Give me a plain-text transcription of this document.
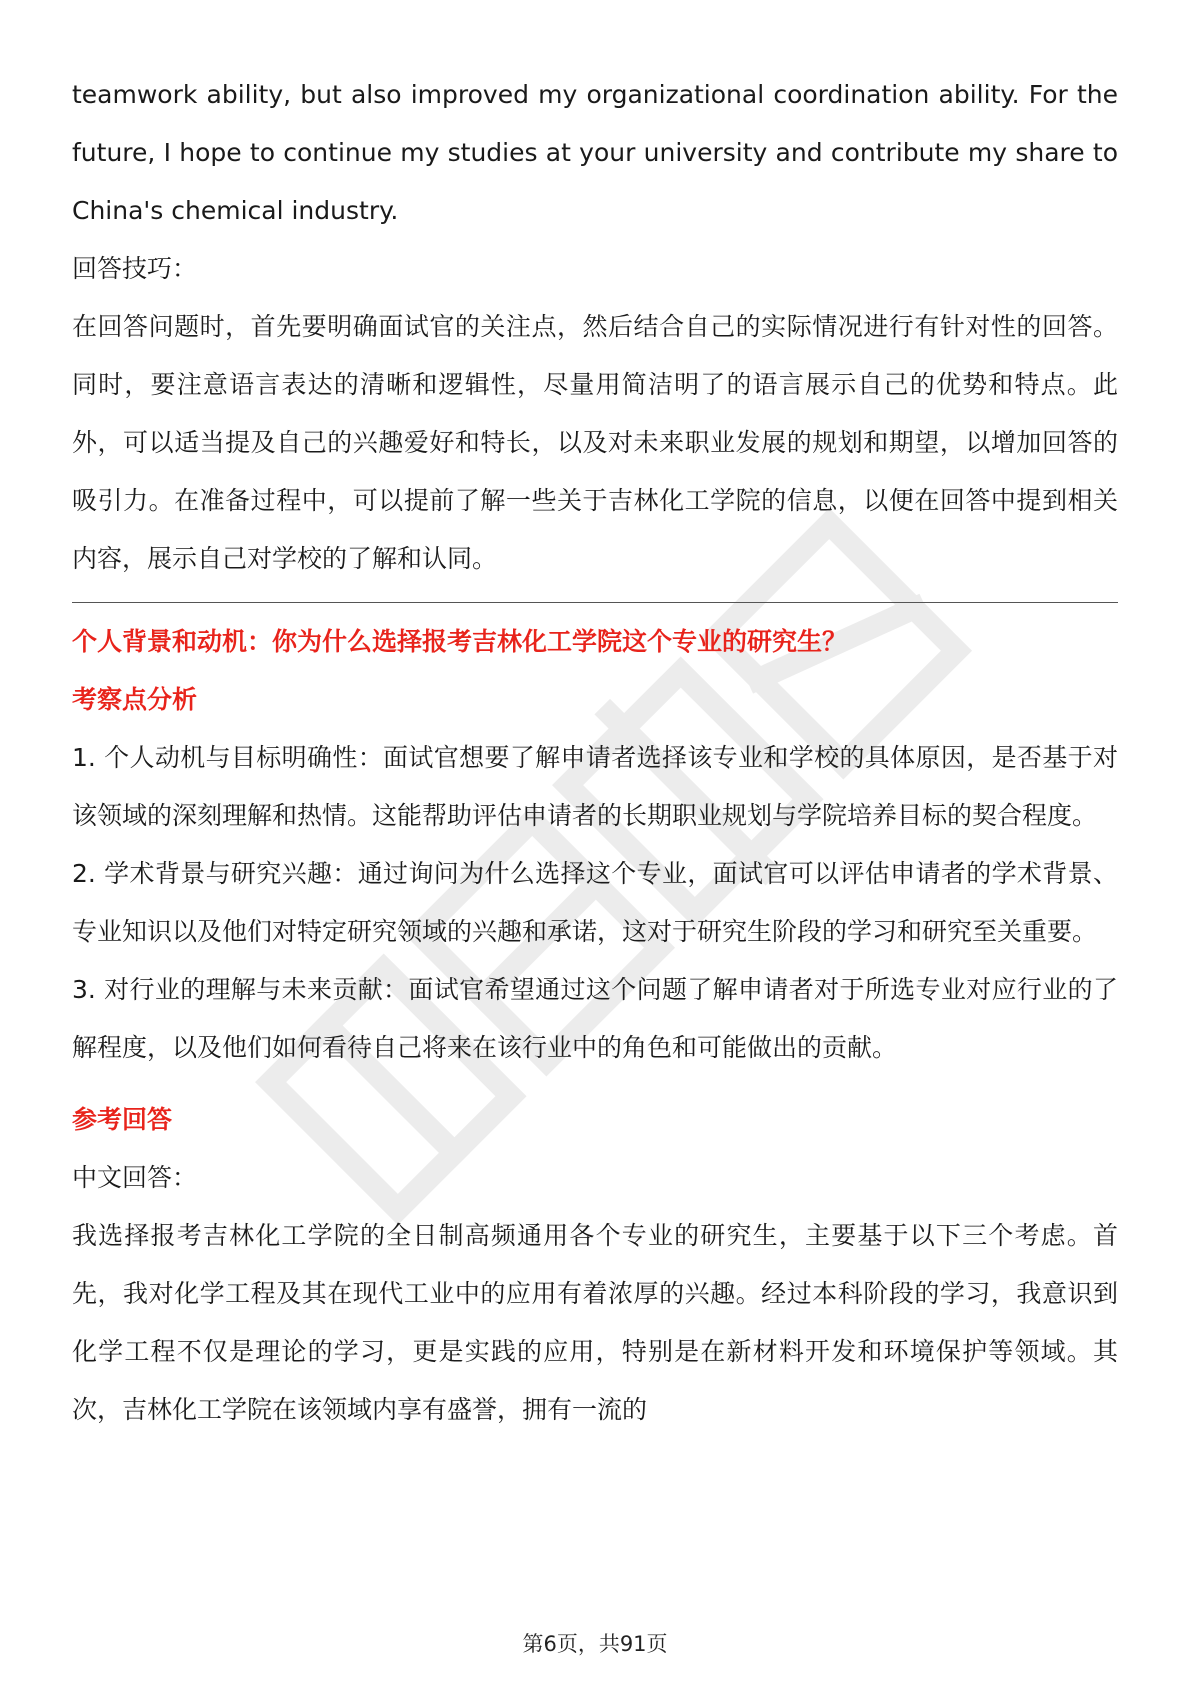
teamwork ability, but also improved my organizational coordination ability. For the future, I hope to continue my studies at your university and contribute my share to China's chemical industry.

回答技巧：

在回答问题时，首先要明确面试官的关注点，然后结合自己的实际情况进行有针对性的回答。同时，要注意语言表达的清晰和逻辑性，尽量用简洁明了的语言展示自己的优势和特点。此外，可以适当提及自己的兴趣爱好和特长，以及对未来职业发展的规划和期望，以增加回答的吸引力。在准备过程中，可以提前了解一些关于吉林化工学院的信息，以便在回答中提到相关内容，展示自己对学校的了解和认同。

个人背景和动机：你为什么选择报考吉林化工学院这个专业的研究生？

考察点分析

1. 个人动机与目标明确性：面试官想要了解申请者选择该专业和学校的具体原因，是否基于对该领域的深刻理解和热情。这能帮助评估申请者的长期职业规划与学院培养目标的契合程度。

2. 学术背景与研究兴趣：通过询问为什么选择这个专业，面试官可以评估申请者的学术背景、专业知识以及他们对特定研究领域的兴趣和承诺，这对于研究生阶段的学习和研究至关重要。

3. 对行业的理解与未来贡献：面试官希望通过这个问题了解申请者对于所选专业对应行业的了解程度，以及他们如何看待自己将来在该行业中的角色和可能做出的贡献。

参考回答

中文回答：

我选择报考吉林化工学院的全日制高频通用各个专业的研究生，主要基于以下三个考虑。首先，我对化学工程及其在现代工业中的应用有着浓厚的兴趣。经过本科阶段的学习，我意识到化学工程不仅是理论的学习，更是实践的应用，特别是在新材料开发和环境保护等领域。其次，吉林化工学院在该领域内享有盛誉，拥有一流的

第6页，共91页
